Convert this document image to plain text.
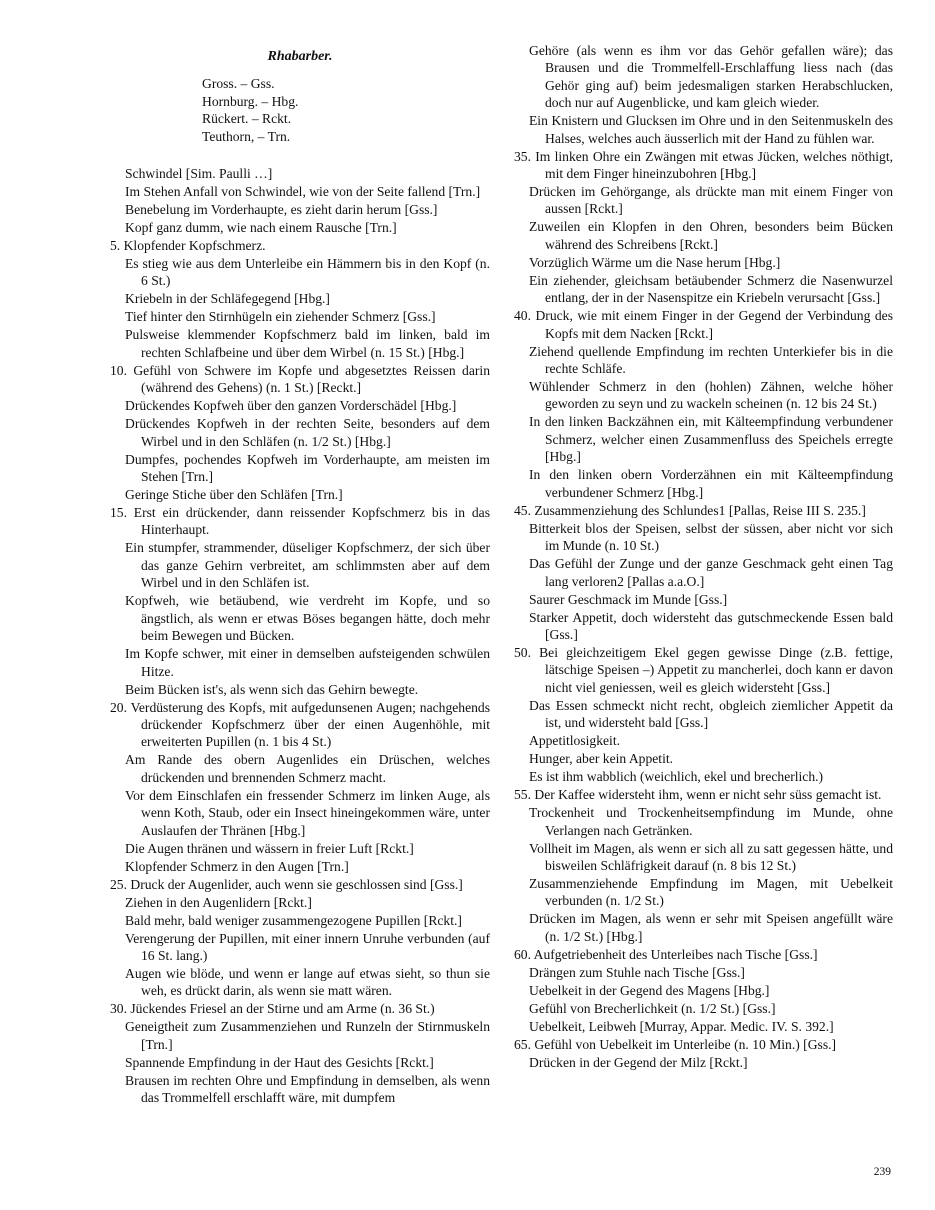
Rhabarber.
Gross. – Gss.
Hornburg. – Hbg.
Rückert. – Rckt.
Teuthorn, – Trn.
Schwindel [Sim. Paulli …]
Im Stehen Anfall von Schwindel, wie von der Seite fallend [Trn.]
Benebelung im Vorderhaupte, es zieht darin herum [Gss.]
Kopf ganz dumm, wie nach einem Rausche [Trn.]
5. Klopfender Kopfschmerz.
Es stieg wie aus dem Unterleibe ein Hämmern bis in den Kopf (n. 6 St.)
Kriebeln in der Schläfegegend [Hbg.]
Tief hinter den Stirnhügeln ein ziehender Schmerz [Gss.]
Pulsweise klemmender Kopfschmerz bald im linken, bald im rechten Schlafbeine und über dem Wirbel (n. 15 St.) [Hbg.]
10. Gefühl von Schwere im Kopfe und abgesetztes Reissen darin (während des Gehens) (n. 1 St.) [Reckt.]
Drückendes Kopfweh über den ganzen Vorderschädel [Hbg.]
Drückendes Kopfweh in der rechten Seite, besonders auf dem Wirbel und in den Schläfen (n. 1/2 St.) [Hbg.]
Dumpfes, pochendes Kopfweh im Vorderhaupte, am meisten im Stehen [Trn.]
Geringe Stiche über den Schläfen [Trn.]
15. Erst ein drückender, dann reissender Kopfschmerz bis in das Hinterhaupt.
Ein stumpfer, strammender, düseliger Kopfschmerz, der sich über das ganze Gehirn verbreitet, am schlimmsten aber auf dem Wirbel und in den Schläfen ist.
Kopfweh, wie betäubend, wie verdreht im Kopfe, und so ängstlich, als wenn er etwas Böses begangen hätte, doch mehr beim Bewegen und Bücken.
Im Kopfe schwer, mit einer in demselben aufsteigenden schwülen Hitze.
Beim Bücken ist's, als wenn sich das Gehirn bewegte.
20. Verdüsterung des Kopfs, mit aufgedunsenen Augen; nachgehends drückender Kopfschmerz über der einen Augenhöhle, mit erweiterten Pupillen (n. 1 bis 4 St.)
Am Rande des obern Augenlides ein Drüschen, welches drückenden und brennenden Schmerz macht.
Vor dem Einschlafen ein fressender Schmerz im linken Auge, als wenn Koth, Staub, oder ein Insect hineingekommen wäre, unter Auslaufen der Thränen [Hbg.]
Die Augen thränen und wässern in freier Luft [Rckt.]
Klopfender Schmerz in den Augen [Trn.]
25. Druck der Augenlider, auch wenn sie geschlossen sind [Gss.]
Ziehen in den Augenlidern [Rckt.]
Bald mehr, bald weniger zusammengezogene Pupillen [Rckt.]
Verengerung der Pupillen, mit einer innern Unruhe verbunden (auf 16 St. lang.)
Augen wie blöde, und wenn er lange auf etwas sieht, so thun sie weh, es drückt darin, als wenn sie matt wären.
30. Jückendes Friesel an der Stirne und am Arme (n. 36 St.)
Geneigtheit zum Zusammenziehen und Runzeln der Stirnmuskeln [Trn.]
Spannende Empfindung in der Haut des Gesichts [Rckt.]
Brausen im rechten Ohre und Empfindung in demselben, als wenn das Trommelfell erschlafft wäre, mit dumpfem
Gehöre (als wenn es ihm vor das Gehör gefallen wäre); das Brausen und die Trommelfell-Erschlaffung liess nach (das Gehör ging auf) beim jedesmaligen starken Herabschlucken, doch nur auf Augenblicke, und kam gleich wieder.
Ein Knistern und Glucksen im Ohre und in den Seitenmuskeln des Halses, welches auch äusserlich mit der Hand zu fühlen war.
35. Im linken Ohre ein Zwängen mit etwas Jücken, welches nöthigt, mit dem Finger hineinzubohren [Hbg.]
Drücken im Gehörgange, als drückte man mit einem Finger von aussen [Rckt.]
Zuweilen ein Klopfen in den Ohren, besonders beim Bücken während des Schreibens [Rckt.]
Vorzüglich Wärme um die Nase herum [Hbg.]
Ein ziehender, gleichsam betäubender Schmerz die Nasenwurzel entlang, der in der Nasenspitze ein Kriebeln verursacht [Gss.]
40. Druck, wie mit einem Finger in der Gegend der Verbindung des Kopfs mit dem Nacken [Rckt.]
Ziehend quellende Empfindung im rechten Unterkiefer bis in die rechte Schläfe.
Wühlender Schmerz in den (hohlen) Zähnen, welche höher geworden zu seyn und zu wackeln scheinen (n. 12 bis 24 St.)
In den linken Backzähnen ein, mit Kälteempfindung verbundener Schmerz, welcher einen Zusammenfluss des Speichels erregte [Hbg.]
In den linken obern Vorderzähnen ein mit Kälteempfindung verbundener Schmerz [Hbg.]
45. Zusammenziehung des Schlundes1 [Pallas, Reise III S. 235.]
Bitterkeit blos der Speisen, selbst der süssen, aber nicht vor sich im Munde (n. 10 St.)
Das Gefühl der Zunge und der ganze Geschmack geht einen Tag lang verloren2 [Pallas a.a.O.]
Saurer Geschmack im Munde [Gss.]
Starker Appetit, doch widersteht das gutschmeckende Essen bald [Gss.]
50. Bei gleichzeitigem Ekel gegen gewisse Dinge (z.B. fettige, lätschige Speisen –) Appetit zu mancherlei, doch kann er davon nicht viel geniessen, weil es gleich widersteht [Gss.]
Das Essen schmeckt nicht recht, obgleich ziemlicher Appetit da ist, und widersteht bald [Gss.]
Appetitlosigkeit.
Hunger, aber kein Appetit.
Es ist ihm wabblich (weichlich, ekel und brecherlich.)
55. Der Kaffee widersteht ihm, wenn er nicht sehr süss gemacht ist.
Trockenheit und Trockenheitsempfindung im Munde, ohne Verlangen nach Getränken.
Vollheit im Magen, als wenn er sich all zu satt gegessen hätte, und bisweilen Schläfrigkeit darauf (n. 8 bis 12 St.)
Zusammenziehende Empfindung im Magen, mit Uebelkeit verbunden (n. 1/2 St.)
Drücken im Magen, als wenn er sehr mit Speisen angefüllt wäre (n. 1/2 St.) [Hbg.]
60. Aufgetriebenheit des Unterleibes nach Tische [Gss.]
Drängen zum Stuhle nach Tische [Gss.]
Uebelkeit in der Gegend des Magens [Hbg.]
Gefühl von Brecherlichkeit (n. 1/2 St.) [Gss.]
Uebelkeit, Leibweh [Murray, Appar. Medic. IV. S. 392.]
65. Gefühl von Uebelkeit im Unterleibe (n. 10 Min.) [Gss.]
Drücken in der Gegend der Milz [Rckt.]
239
